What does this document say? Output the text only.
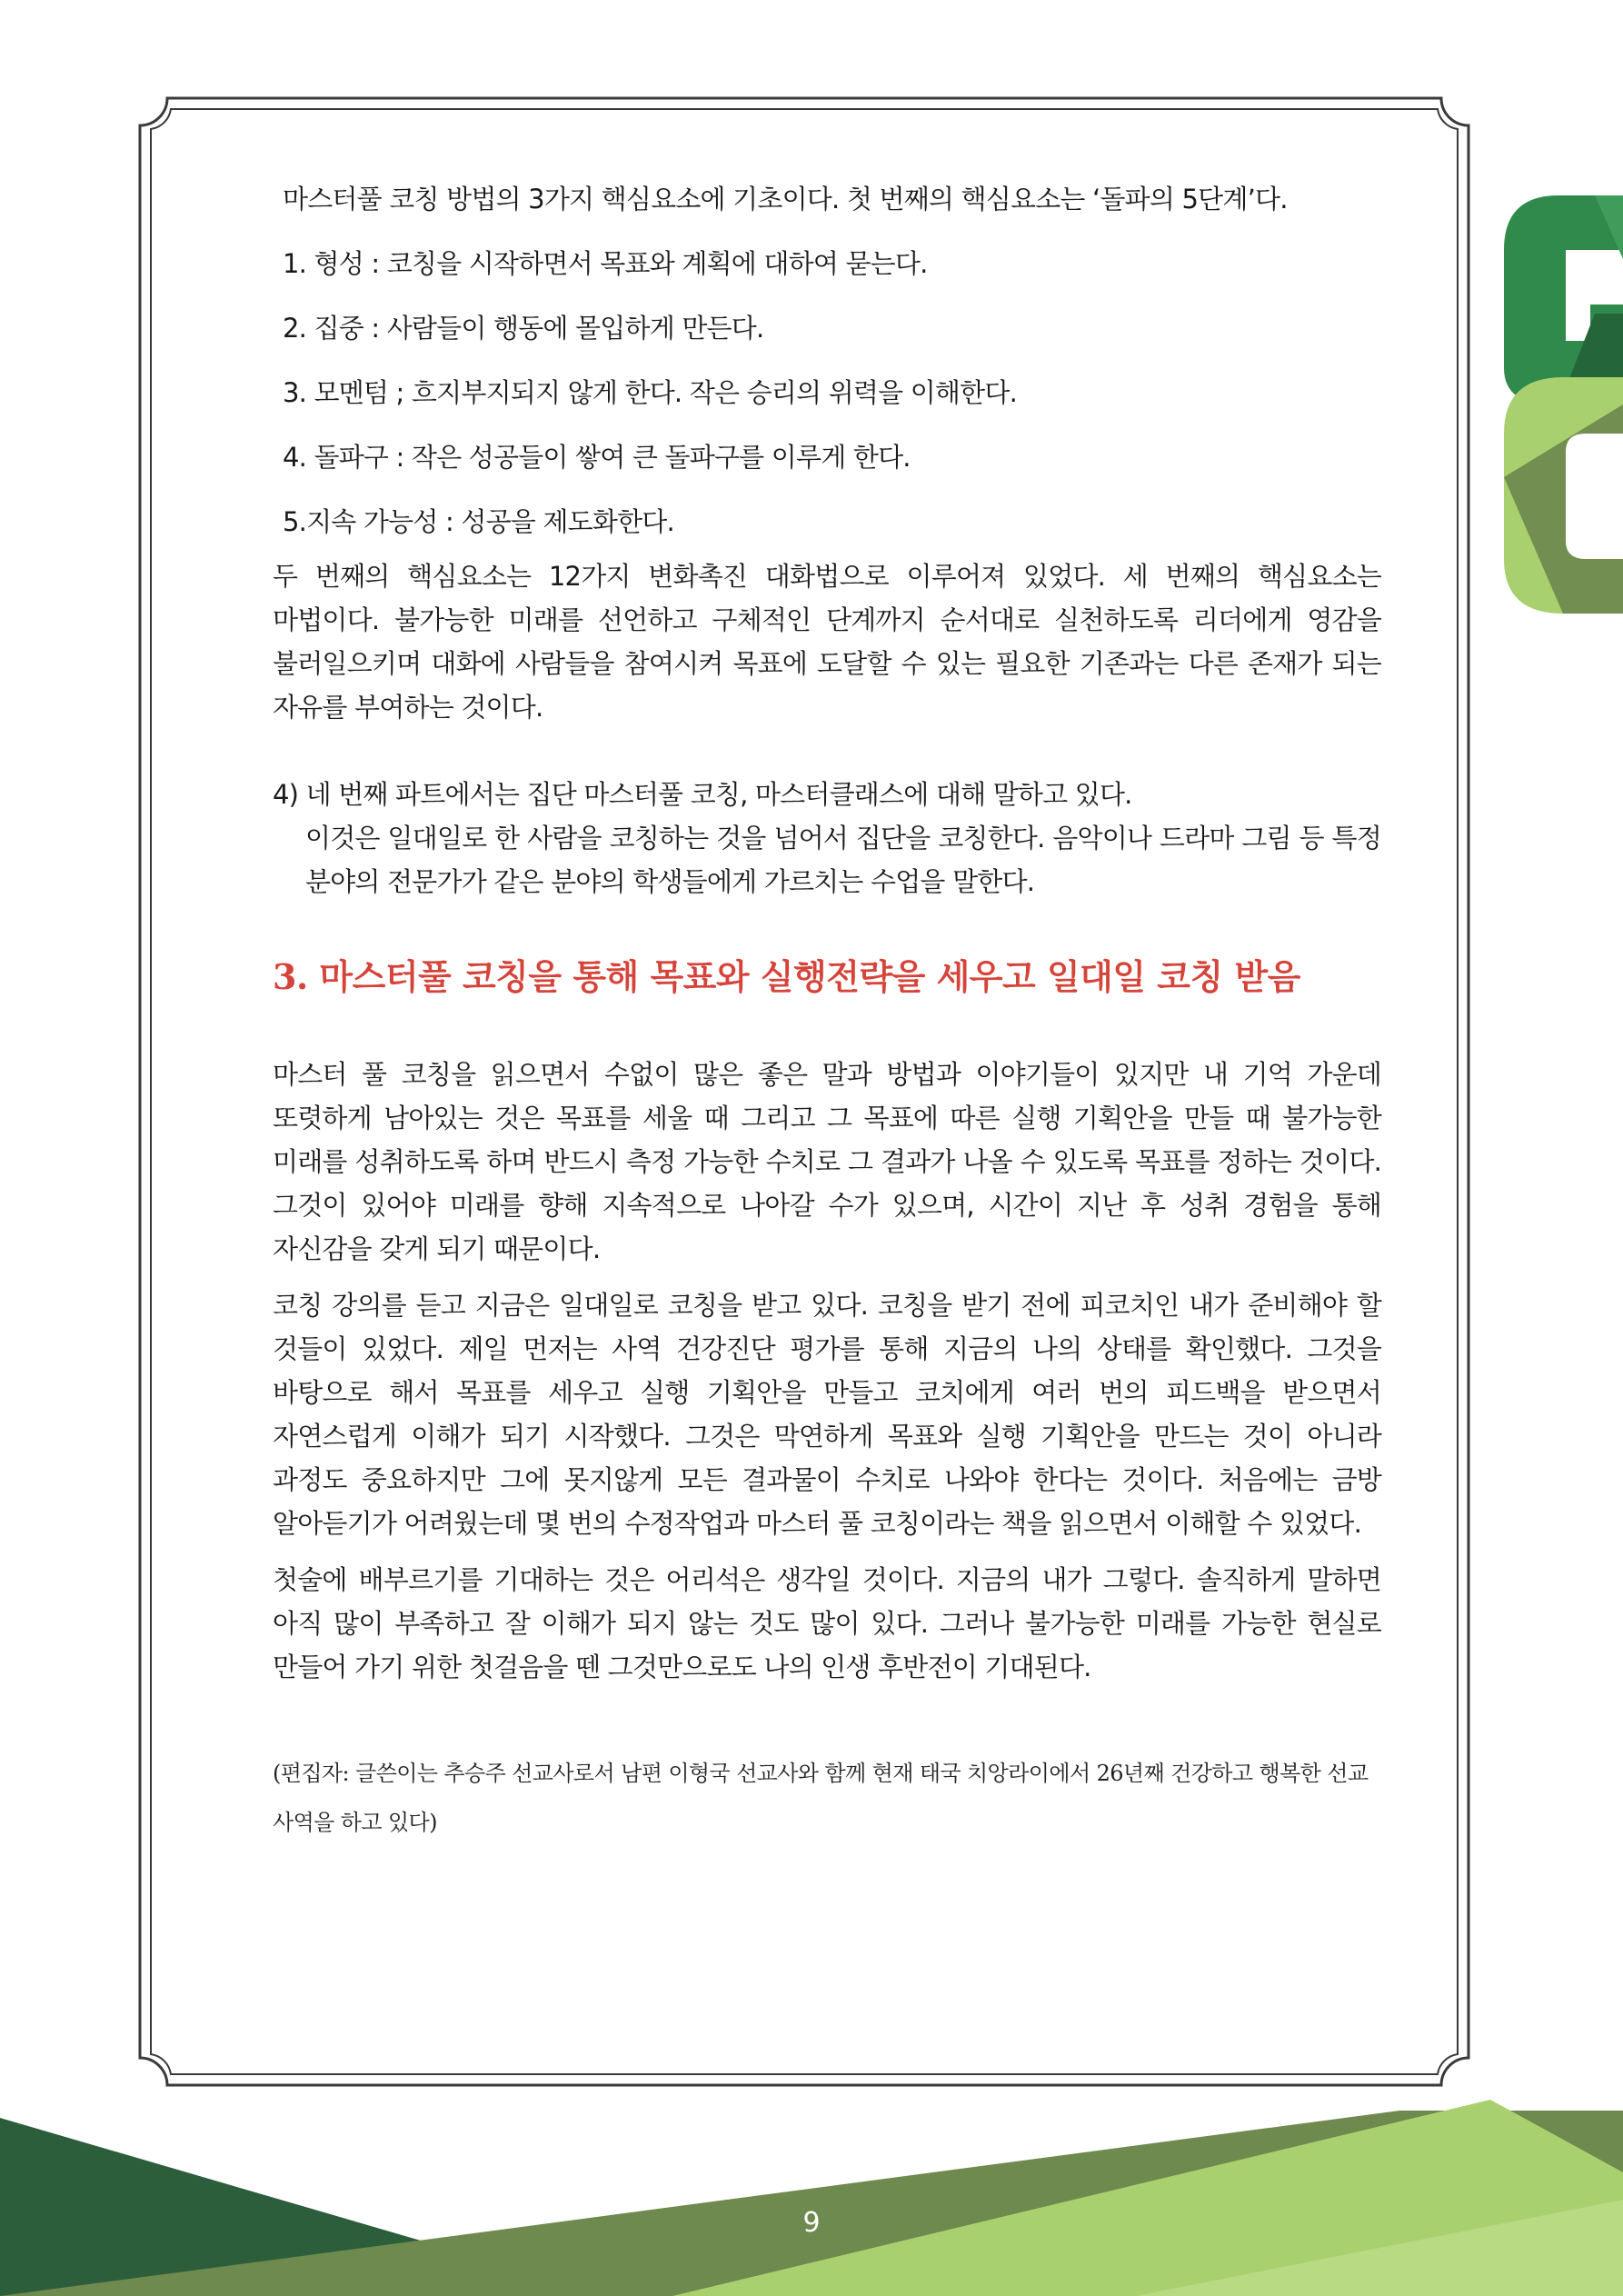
9

마스터풀 코칭 방법의 3가지 핵심요소에 기초이다. 첫 번째의 핵심요소는 ‘돌파의 5단계’다.

1. 형성 : 코칭을 시작하면서 목표와 계획에 대하여 묻는다.

2. 집중 : 사람들이 행동에 몰입하게 만든다.

3. 모멘텀 ; 흐지부지되지 않게 한다. 작은 승리의 위력을 이해한다.

4. 돌파구 : 작은 성공들이 쌓여 큰 돌파구를 이루게 한다.

5.지속 가능성 : 성공을 제도화한다.

두 번째의 핵심요소는 12가지 변화촉진 대화법으로 이루어져 있었다. 세 번째의 핵심요소는 마법이다. 불가능한 미래를 선언하고 구체적인 단계까지 순서대로 실천하도록 리더에게 영감을 불러일으키며 대화에 사람들을 참여시켜 목표에 도달할 수 있는 필요한 기존과는 다른 존재가 되는 자유를 부여하는 것이다.

4) 네 번째 파트에서는 집단 마스터풀 코칭, 마스터클래스에 대해 말하고 있다.

이것은 일대일로 한 사람을 코칭하는 것을 넘어서 집단을 코칭한다. 음악이나 드라마 그림 등 특정 분야의 전문가가 같은 분야의 학생들에게 가르치는 수업을 말한다.

3. 마스터풀 코칭을 통해 목표와 실행전략을 세우고 일대일 코칭 받음

마스터 풀 코칭을 읽으면서 수없이 많은 좋은 말과 방법과 이야기들이 있지만 내 기억 가운데 또렷하게 남아있는 것은 목표를 세울 때 그리고 그 목표에 따른 실행 기획안을 만들 때 불가능한 미래를 성취하도록 하며 반드시 측정 가능한 수치로 그 결과가 나올 수 있도록 목표를 정하는 것이다. 그것이 있어야 미래를 향해 지속적으로 나아갈 수가 있으며, 시간이 지난 후 성취 경험을 통해 자신감을 갖게 되기 때문이다.

코칭 강의를 듣고 지금은 일대일로 코칭을 받고 있다. 코칭을 받기 전에 피코치인 내가 준비해야 할 것들이 있었다. 제일 먼저는 사역 건강진단 평가를 통해 지금의 나의 상태를 확인했다. 그것을 바탕으로 해서 목표를 세우고 실행 기획안을 만들고 코치에게 여러 번의 피드백을 받으면서 자연스럽게 이해가 되기 시작했다. 그것은 막연하게 목표와 실행 기획안을 만드는 것이 아니라 과정도 중요하지만 그에 못지않게 모든 결과물이 수치로 나와야 한다는 것이다. 처음에는 금방 알아듣기가 어려웠는데 몇 번의 수정작업과 마스터 풀 코칭이라는 책을 읽으면서 이해할 수 있었다.

첫술에 배부르기를 기대하는 것은 어리석은 생각일 것이다. 지금의 내가 그렇다. 솔직하게 말하면 아직 많이 부족하고 잘 이해가 되지 않는 것도 많이 있다. 그러나 불가능한 미래를 가능한 현실로 만들어 가기 위한 첫걸음을 뗀 그것만으로도 나의 인생 후반전이 기대된다.

(편집자: 글쓴이는 추승주 선교사로서 남편 이형국 선교사와 함께 현재 태국 치앙라이에서 26년째 건강하고 행복한 선교 사역을 하고 있다)
